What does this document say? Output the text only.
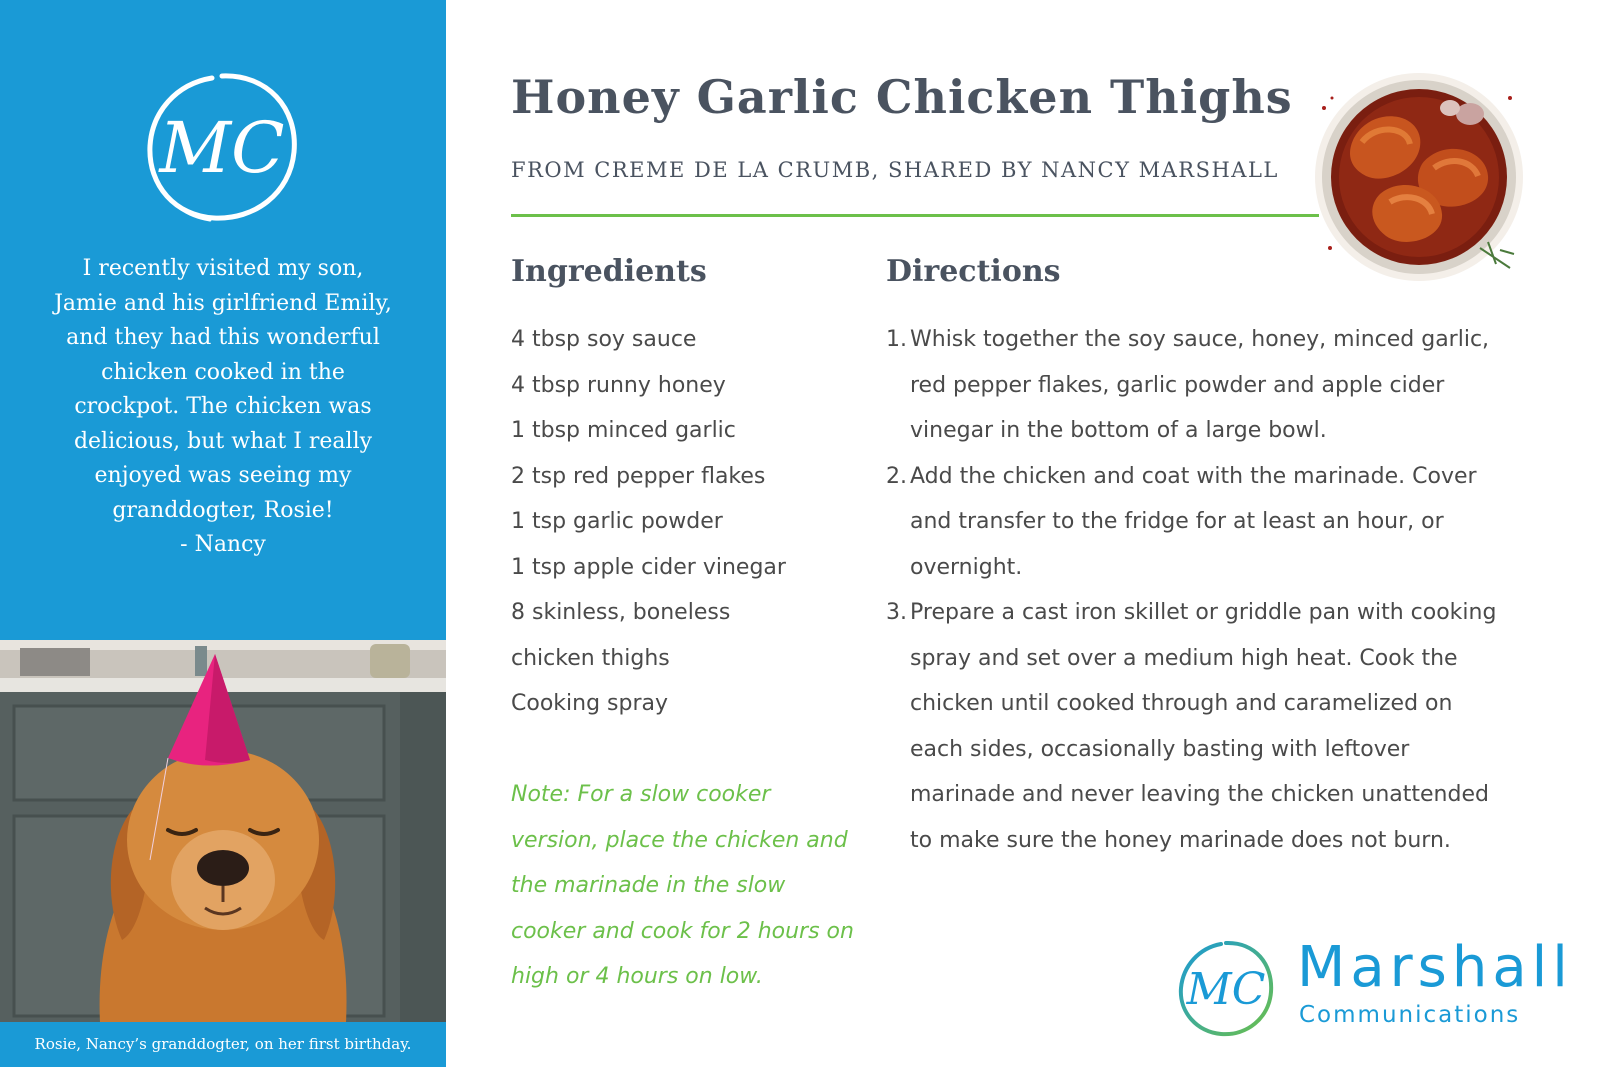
MC
I recently visited my son, Jamie and his girlfriend Emily, and they had this wonderful chicken cooked in the crockpot. The chicken was delicious, but what I really enjoyed was seeing my granddogter, Rosie!
- Nancy
Rosie, Nancy’s granddogter, on her first birthday.
Honey Garlic Chicken Thighs
FROM CREME DE LA CRUMB, SHARED BY NANCY MARSHALL
Ingredients
4 tbsp soy sauce
4 tbsp runny honey
1 tbsp minced garlic
2 tsp red pepper flakes
1 tsp garlic powder
1 tsp apple cider vinegar
8 skinless, boneless chicken thighs
Cooking spray
Note: For a slow cooker version, place the chicken and the marinade in the slow cooker and cook for 2 hours on high or 4 hours on low.
Directions
1. Whisk together the soy sauce, honey, minced garlic, red pepper flakes, garlic powder and apple cider vinegar in the bottom of a large bowl.
2. Add the chicken and coat with the marinade. Cover and transfer to the fridge for at least an hour, or overnight.
3. Prepare a cast iron skillet or griddle pan with cooking spray and set over a medium high heat. Cook the chicken until cooked through and caramelized on each sides, occasionally basting with leftover marinade and never leaving the chicken unattended to make sure the honey marinade does not burn.
MC Marshall
Communications
